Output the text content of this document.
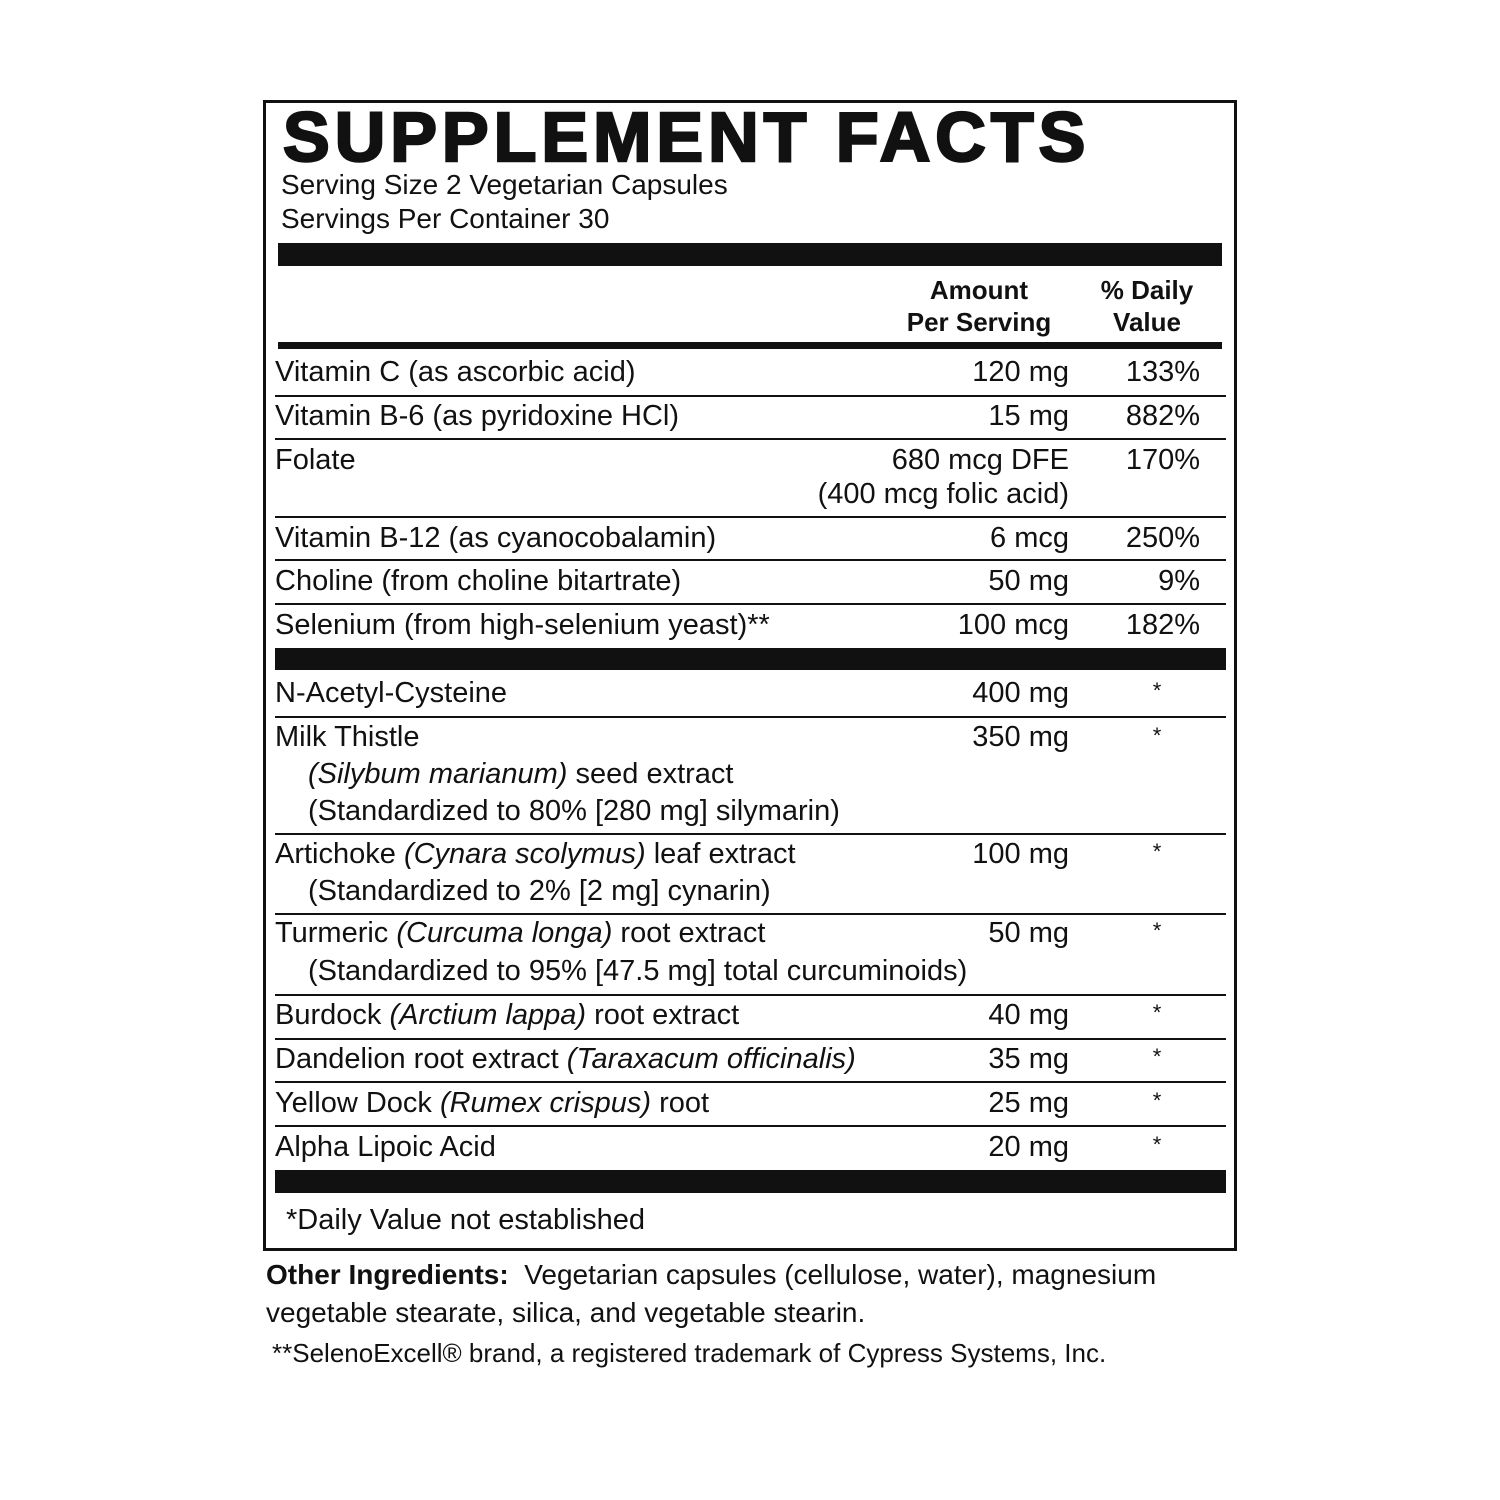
SUPPLEMENT FACTS
Serving Size 2 Vegetarian Capsules
Servings Per Container 30
Amount
Per Serving
% Daily
Value
Vitamin C (as ascorbic acid)	120 mg 133%
Vitamin B-6 (as pyridoxine HCl)	15 mg 882%
Folate	680 mcg DFE
(400 mcg folic acid)
170%
Vitamin B-12 (as cyanocobalamin)	6 mcg 250%
Choline (from choline bitartrate)	50 mg	9%
Selenium (from high-selenium yeast)**	100 mcg 182%
N-Acetyl-Cysteine	400 mg	*
Milk Thistle
(Silybum marianum) seed extract
(Standardized to 80% [280 mg] silymarin)
350 mg	*
Artichoke (Cynara scolymus) leaf extract
(Standardized to 2% [2 mg] cynarin)
100 mg	*
Turmeric (Curcuma longa) root extract
(Standardized to 95% [47.5 mg] total curcuminoids)
50 mg	*
Burdock (Arctium lappa) root extract	40 mg	*
Dandelion root extract (Taraxacum officinalis)	35 mg	*
Yellow Dock (Rumex crispus) root	25 mg	*
Alpha Lipoic Acid	20 mg	*
*Daily Value not established
Other Ingredients: Vegetarian capsules (cellulose, water), magnesium vegetable stearate, silica, and vegetable stearin.
**SelenoExcell® brand, a registered trademark of Cypress Systems, Inc.
